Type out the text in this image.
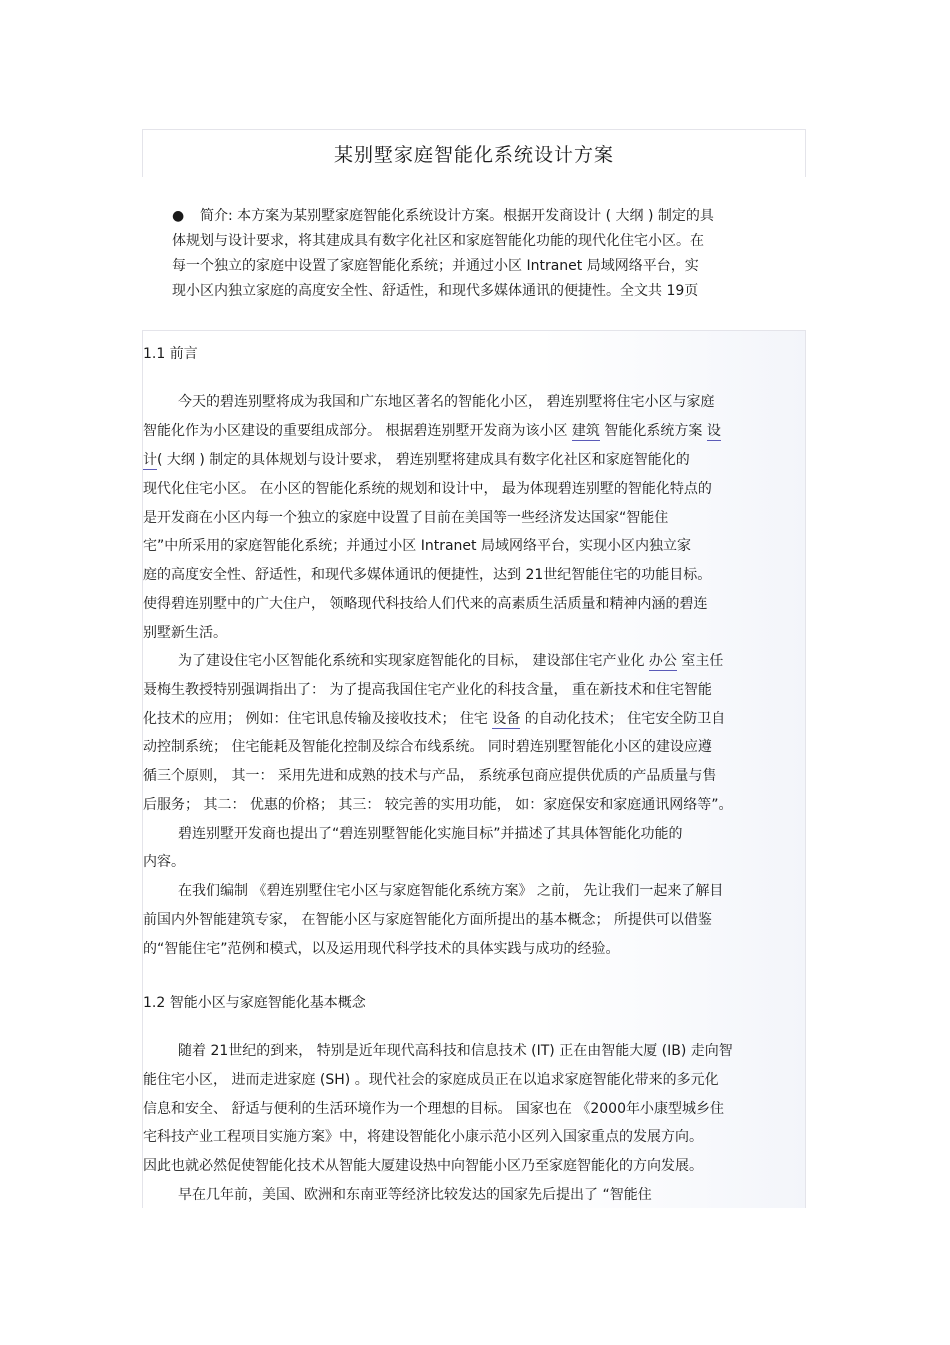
某别墅家庭智能化系统设计方案
●	简介: 本方案为某别墅家庭智能化系统设计方案。根据开发商设计 ( 大纲 ) 制定的具
体规划与设计要求，将其建成具有数字化社区和家庭智能化功能的现代化住宅小区。在
每一个独立的家庭中设置了家庭智能化系统；并通过小区 Intranet 局域网络平台，实
现小区内独立家庭的高度安全性、舒适性，和现代多媒体通讯的便捷性。全文共 19页
1.1 前言
今天的碧连别墅将成为我国和广东地区著名的智能化小区， 碧连别墅将住宅小区与家庭
智能化作为小区建设的重要组成部分。 根据碧连别墅开发商为该小区 建筑 智能化系统方案 设
计( 大纲 ) 制定的具体规划与设计要求， 碧连别墅将建成具有数字化社区和家庭智能化的
现代化住宅小区。 在小区的智能化系统的规划和设计中， 最为体现碧连别墅的智能化特点的
是开发商在小区内每一个独立的家庭中设置了目前在美国等一些经济发达国家“智能住
宅”中所采用的家庭智能化系统；并通过小区 Intranet 局域网络平台，实现小区内独立家
庭的高度安全性、舒适性，和现代多媒体通讯的便捷性，达到 21世纪智能住宅的功能目标。
使得碧连别墅中的广大住户， 领略现代科技给人们代来的高素质生活质量和精神内涵的碧连
别墅新生活。
为了建设住宅小区智能化系统和实现家庭智能化的目标， 建设部住宅产业化 办公 室主任
聂梅生教授特别强调指出了： 为了提高我国住宅产业化的科技含量， 重在新技术和住宅智能
化技术的应用； 例如：住宅讯息传输及接收技术； 住宅 设备 的自动化技术； 住宅安全防卫自
动控制系统； 住宅能耗及智能化控制及综合布线系统。 同时碧连别墅智能化小区的建设应遵
循三个原则， 其一： 采用先进和成熟的技术与产品， 系统承包商应提供优质的产品质量与售
后服务； 其二： 优惠的价格； 其三： 较完善的实用功能， 如：家庭保安和家庭通讯网络等”。
碧连别墅开发商也提出了“碧连别墅智能化实施目标”并描述了其具体智能化功能的
内容。
在我们编制 《碧连别墅住宅小区与家庭智能化系统方案》 之前， 先让我们一起来了解目
前国内外智能建筑专家， 在智能小区与家庭智能化方面所提出的基本概念； 所提供可以借鉴
的“智能住宅”范例和模式，以及运用现代科学技术的具体实践与成功的经验。
1.2 智能小区与家庭智能化基本概念
随着 21世纪的到来， 特别是近年现代高科技和信息技术 (IT) 正在由智能大厦 (IB) 走向智
能住宅小区， 进而走进家庭 (SH) 。现代社会的家庭成员正在以追求家庭智能化带来的多元化
信息和安全、 舒适与便利的生活环境作为一个理想的目标。 国家也在 《2000年小康型城乡住
宅科技产业工程项目实施方案》中，将建设智能化小康示范小区列入国家重点的发展方向。
因此也就必然促使智能化技术从智能大厦建设热中向智能小区乃至家庭智能化的方向发展。
早在几年前，美国、欧洲和东南亚等经济比较发达的国家先后提出了 “智能住
